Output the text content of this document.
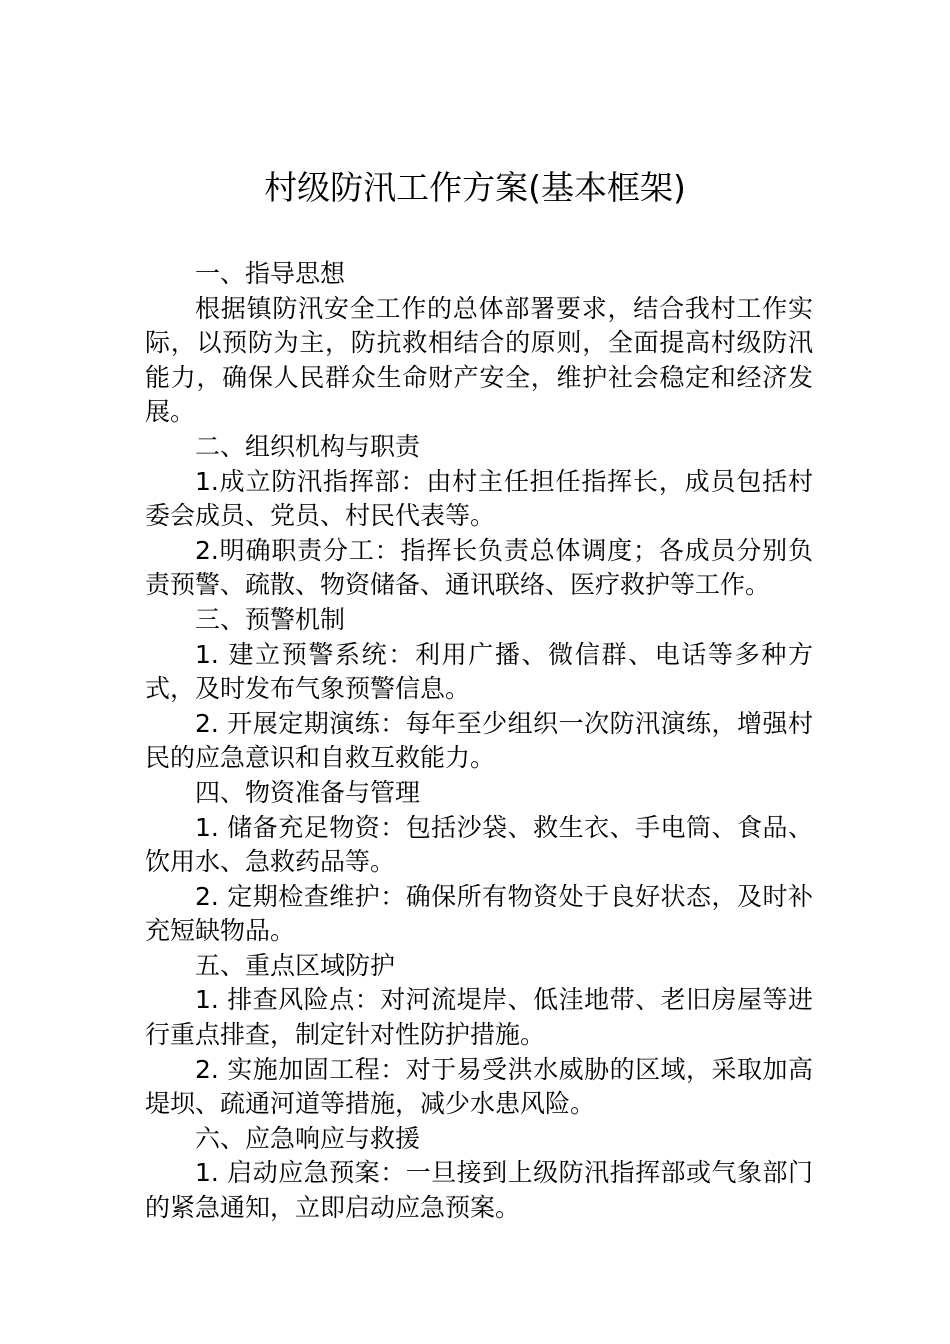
村级防汛工作方案(基本框架)

一、指导思想

根据镇防汛安全工作的总体部署要求，结合我村工作实际，以预防为主，防抗救相结合的原则，全面提高村级防汛能力，确保人民群众生命财产安全，维护社会稳定和经济发展。

二、组织机构与职责

1.成立防汛指挥部：由村主任担任指挥长，成员包括村委会成员、党员、村民代表等。

2.明确职责分工：指挥长负责总体调度；各成员分别负责预警、疏散、物资储备、通讯联络、医疗救护等工作。

三、预警机制

1. 建立预警系统：利用广播、微信群、电话等多种方式，及时发布气象预警信息。

2. 开展定期演练：每年至少组织一次防汛演练，增强村民的应急意识和自救互救能力。

四、物资准备与管理

1. 储备充足物资：包括沙袋、救生衣、手电筒、食品、饮用水、急救药品等。

2. 定期检查维护：确保所有物资处于良好状态，及时补充短缺物品。

五、重点区域防护

1. 排查风险点：对河流堤岸、低洼地带、老旧房屋等进行重点排查，制定针对性防护措施。

2. 实施加固工程：对于易受洪水威胁的区域，采取加高堤坝、疏通河道等措施，减少水患风险。

六、应急响应与救援

1. 启动应急预案：一旦接到上级防汛指挥部或气象部门的紧急通知，立即启动应急预案。
